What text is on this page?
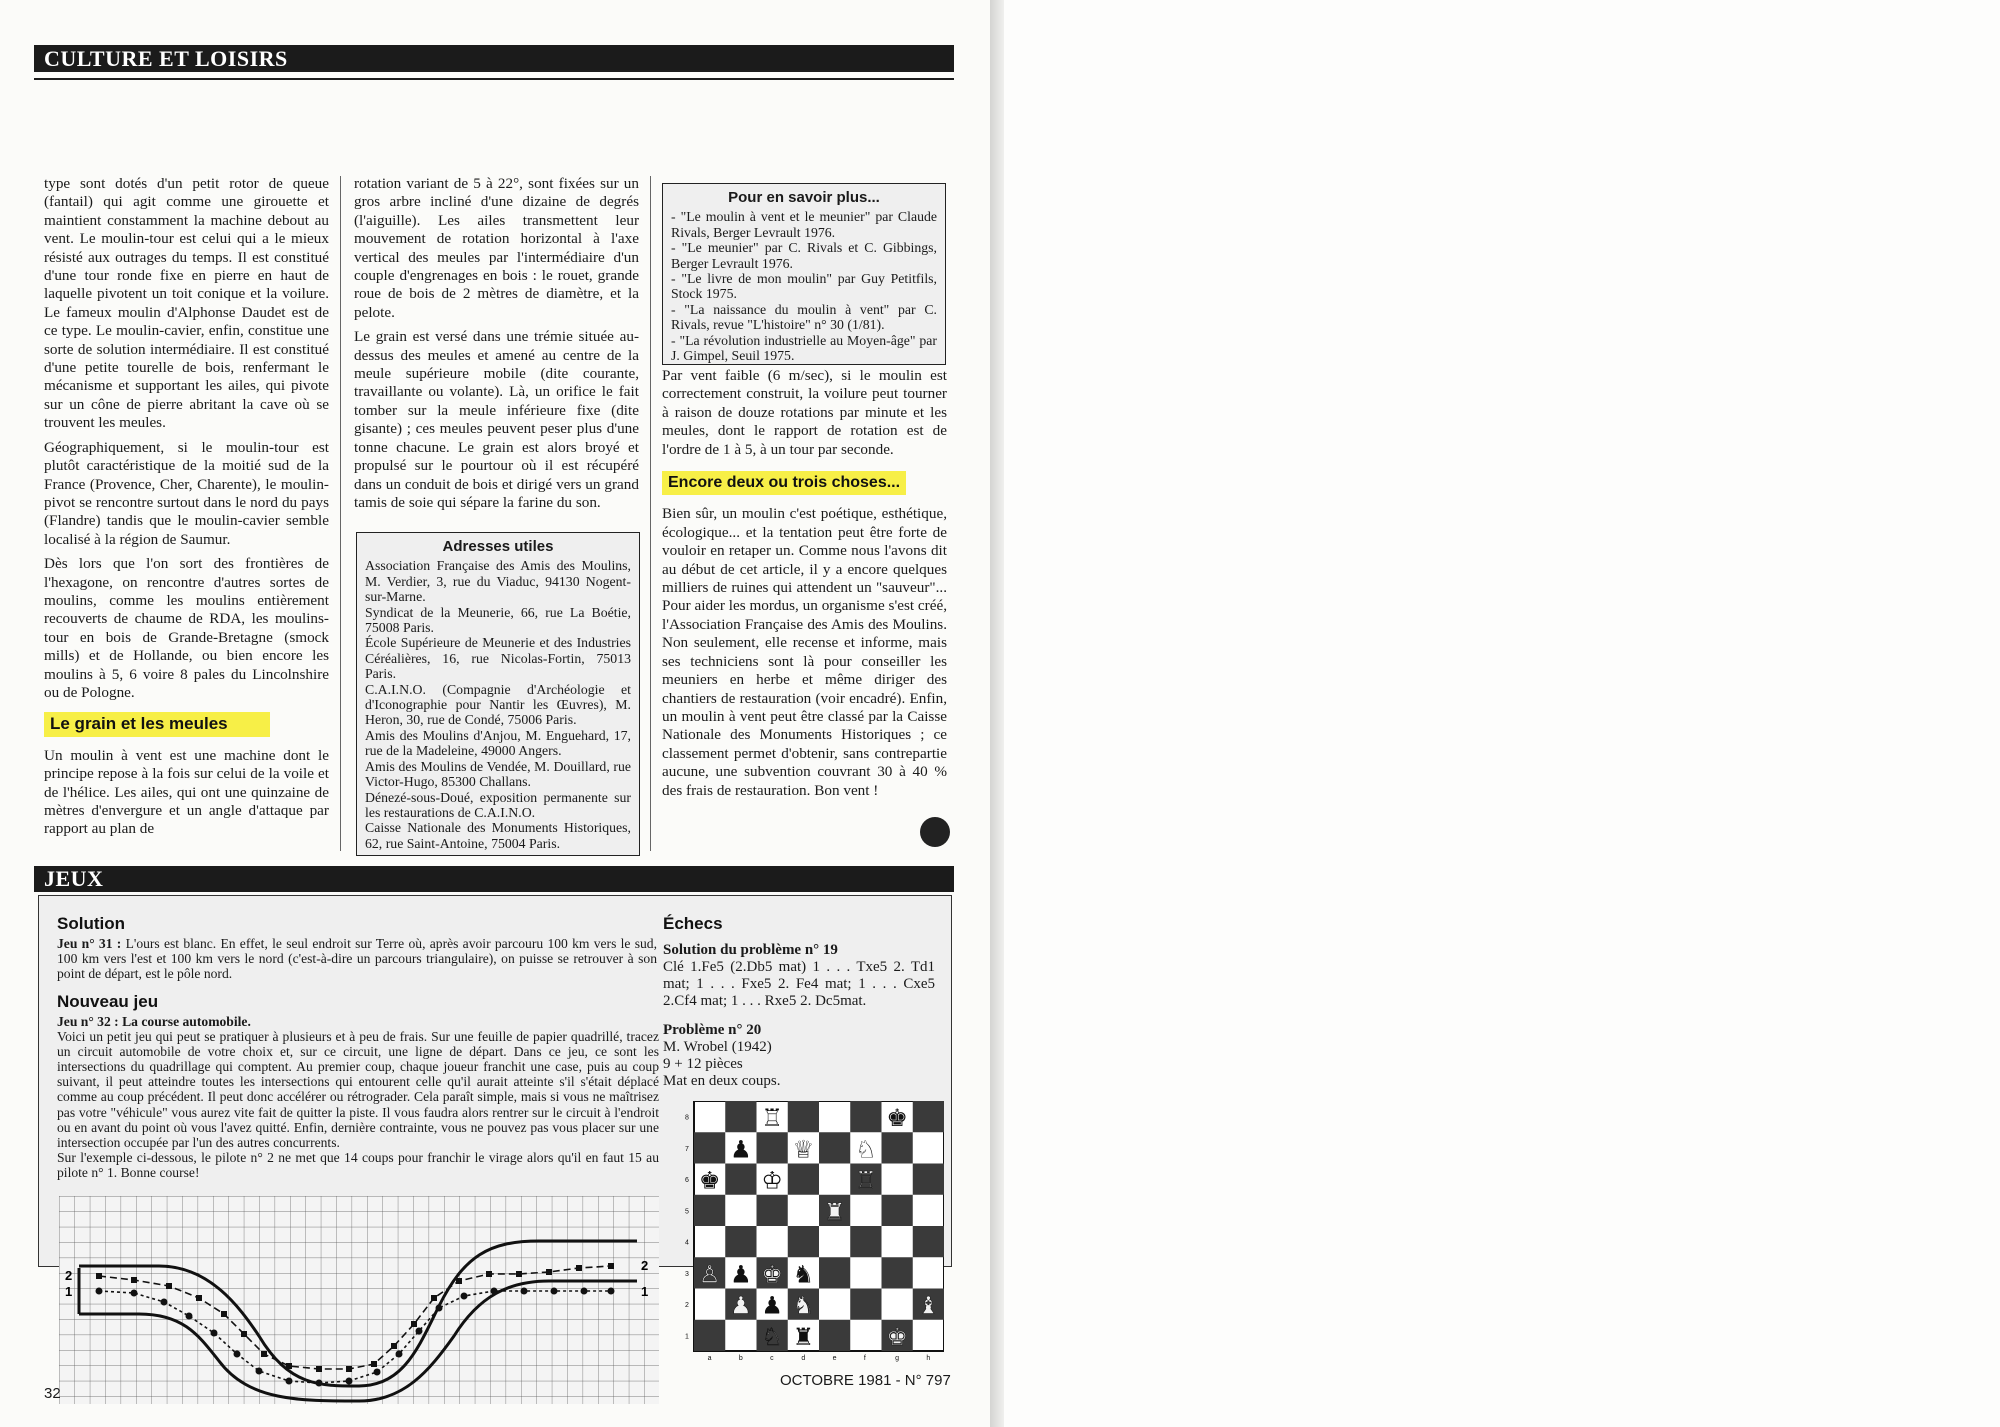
CULTURE ET LOISIRS

type sont dotés d'un petit rotor de queue (fantail) qui agit comme une girouette et maintient constamment la machine debout au vent. Le moulin-tour est celui qui a le mieux résisté aux outrages du temps. Il est constitué d'une tour ronde fixe en pierre en haut de laquelle pivotent un toit conique et la voilure. Le fameux moulin d'Alphonse Daudet est de ce type. Le moulin-cavier, enfin, constitue une sorte de solution intermédiaire. Il est constitué d'une petite tourelle de bois, renfermant le mécanisme et supportant les ailes, qui pivote sur un cône de pierre abritant la cave où se trouvent les meules.

Géographiquement, si le moulin-tour est plutôt caractéristique de la moitié sud de la France (Provence, Cher, Charente), le moulin-pivot se rencontre surtout dans le nord du pays (Flandre) tandis que le moulin-cavier semble localisé à la région de Saumur.

Dès lors que l'on sort des frontières de l'hexagone, on rencontre d'autres sortes de moulins, comme les moulins entièrement recouverts de chaume de RDA, les moulins-tour en bois de Grande-Bretagne (smock mills) et de Hollande, ou bien encore les moulins à 5, 6 voire 8 pales du Lincolnshire ou de Pologne.

Le grain et les meules

Un moulin à vent est une machine dont le principe repose à la fois sur celui de la voile et de l'hélice. Les ailes, qui ont une quinzaine de mètres d'envergure et un angle d'attaque par rapport au plan de

rotation variant de 5 à 22°, sont fixées sur un gros arbre incliné d'une dizaine de degrés (l'aiguille). Les ailes transmettent leur mouvement de rotation horizontal à l'axe vertical des meules par l'intermédiaire d'un couple d'engrenages en bois : le rouet, grande roue de bois de 2 mètres de diamètre, et la pelote.

Le grain est versé dans une trémie située au-dessus des meules et amené au centre de la meule supérieure mobile (dite courante, travaillante ou volante). Là, un orifice le fait tomber sur la meule inférieure fixe (dite gisante) ; ces meules peuvent peser plus d'une tonne chacune. Le grain est alors broyé et propulsé sur le pourtour où il est récupéré dans un conduit de bois et dirigé vers un grand tamis de soie qui sépare la farine du son.

Adresses utiles

Association Française des Amis des Moulins, M. Verdier, 3, rue du Viaduc, 94130 Nogent-sur-Marne.

Syndicat de la Meunerie, 66, rue La Boétie, 75008 Paris.

École Supérieure de Meunerie et des Industries Céréalières, 16, rue Nicolas-Fortin, 75013 Paris.

C.A.I.N.O. (Compagnie d'Archéologie et d'Iconographie pour Nantir les Œuvres), M. Heron, 30, rue de Condé, 75006 Paris.

Amis des Moulins d'Anjou, M. Enguehard, 17, rue de la Madeleine, 49000 Angers.

Amis des Moulins de Vendée, M. Douillard, rue Victor-Hugo, 85300 Challans.

Dénezé-sous-Doué, exposition permanente sur les restaurations de C.A.I.N.O.

Caisse Nationale des Monuments Historiques, 62, rue Saint-Antoine, 75004 Paris.

Pour en savoir plus...

- "Le moulin à vent et le meunier" par Claude Rivals, Berger Levrault 1976.

- "Le meunier" par C. Rivals et C. Gibbings, Berger Levrault 1976.

- "Le livre de mon moulin" par Guy Petitfils, Stock 1975.

- "La naissance du moulin à vent" par C. Rivals, revue "L'histoire" n° 30 (1/81).

- "La révolution industrielle au Moyen-âge" par J. Gimpel, Seuil 1975.

Par vent faible (6 m/sec), si le moulin est correctement construit, la voilure peut tourner à raison de douze rotations par minute et les meules, dont le rapport de rotation est de l'ordre de 1 à 5, à un tour par seconde.

Encore deux ou trois choses...

Bien sûr, un moulin c'est poétique, esthétique, écologique... et la tentation peut être forte de vouloir en retaper un. Comme nous l'avons dit au début de cet article, il y a encore quelques milliers de ruines qui attendent un "sauveur"... Pour aider les mordus, un organisme s'est créé, l'Association Française des Amis des Moulins. Non seulement, elle recense et informe, mais ses techniciens sont là pour conseiller les meuniers en herbe et même diriger des chantiers de restauration (voir encadré). Enfin, un moulin à vent peut être classé par la Caisse Nationale des Monuments Historiques ; ce classement permet d'obtenir, sans contrepartie aucune, une subvention couvrant 30 à 40 % des frais de restauration. Bon vent !

JEUX
Solution

Jeu n° 31 : L'ours est blanc. En effet, le seul endroit sur Terre où, après avoir parcouru 100 km vers le sud, 100 km vers l'est et 100 km vers le nord (c'est-à-dire un parcours triangulaire), on puisse se retrouver à son point de départ, est le pôle nord.

Nouveau jeu

Jeu n° 32 : La course automobile.

Voici un petit jeu qui peut se pratiquer à plusieurs et à peu de frais. Sur une feuille de papier quadrillé, tracez un circuit automobile de votre choix et, sur ce circuit, une ligne de départ. Dans ce jeu, ce sont les intersections du quadrillage qui comptent. Au premier coup, chaque joueur franchit une case, puis au coup suivant, il peut atteindre toutes les intersections qui entourent celle qu'il aurait atteinte s'il s'était déplacé comme au coup précédent. Il peut donc accélérer ou rétrograder. Cela paraît simple, mais si vous ne maîtrisez pas votre "véhicule" vous aurez vite fait de quitter la piste. Il vous faudra alors rentrer sur le circuit à l'endroit ou en avant du point où vous l'avez quitté. Enfin, dernière contrainte, vous ne pouvez pas vous placer sur une intersection occupée par l'un des autres concurrents.

Sur l'exemple ci-dessous, le pilote n° 2 ne met que 14 coups pour franchir le virage alors qu'il en faut 15 au pilote n° 1. Bonne course!

1
2
1
2
Échecs

Solution du problème n° 19

Clé 1.Fe5 (2.Db5 mat) 1 . . . Txe5 2. Td1 mat; 1 . . . Fxe5 2. Fe4 mat; 1 . . . Cxe5 2.Cf4 mat; 1 . . . Rxe5 2. Dc5mat.

Problème n° 20

M. Wrobel (1942)

9 + 12 pièces

Mat en deux coups.

♖	♚
♟ ♕ ♘
♚ ♔	♖
♜
♙ ♟ ♚ ♞
♟ ♟ ♞	♝
♘ ♜	♚
8
7
6
5
4
3
2
1
a	b	c	d	e	f	g	h
32
OCTOBRE 1981 - N° 797
